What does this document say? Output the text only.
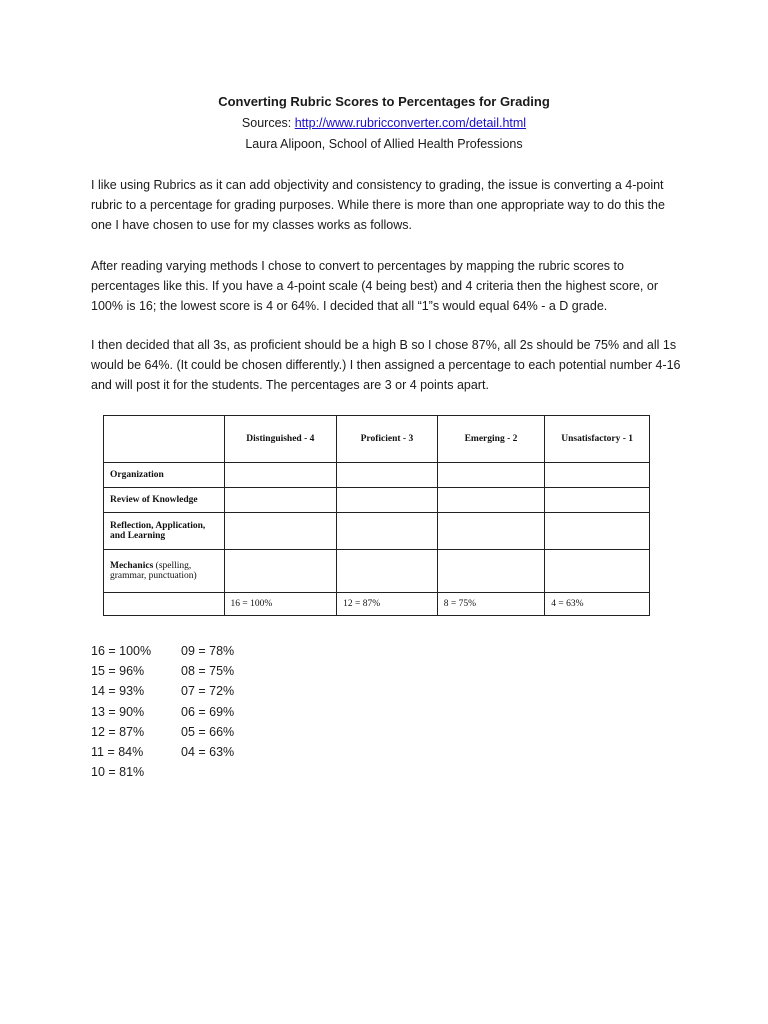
Converting Rubric Scores to Percentages for Grading
Sources: http://www.rubricconverter.com/detail.html
Laura Alipoon, School of Allied Health Professions

I like using Rubrics as it can add objectivity and consistency to grading, the issue is converting a 4-point rubric to a percentage for grading purposes. While there is more than one appropriate way to do this the one I have chosen to use for my classes works as follows.

After reading varying methods I chose to convert to percentages by mapping the rubric scores to percentages like this. If you have a 4-point scale (4 being best) and 4 criteria then the highest score, or 100% is 16; the lowest score is 4 or 64%. I decided that all “1”s would equal 64% - a D grade.

I then decided that all 3s, as proficient should be a high B so I chose 87%, all 2s should be 75% and all 1s would be 64%. (It could be chosen differently.) I then assigned a percentage to each potential number 4-16 and will post it for the students. The percentages are 3 or 4 points apart.

	Distinguished - 4	Proficient - 3	Emerging - 2	Unsatisfactory - 1
Organization				
Review of Knowledge				
Reflection, Application, and Learning				
Mechanics (spelling, grammar, punctuation)				
	16 = 100%	12 = 87%	8 = 75%	4 = 63%
16 = 100%
15 = 96%
14 = 93%
13 = 90%
12 = 87%
11 = 84%
10 = 81%
09 = 78%
08 = 75%
07 = 72%
06 = 69%
05 = 66%
04 = 63%
